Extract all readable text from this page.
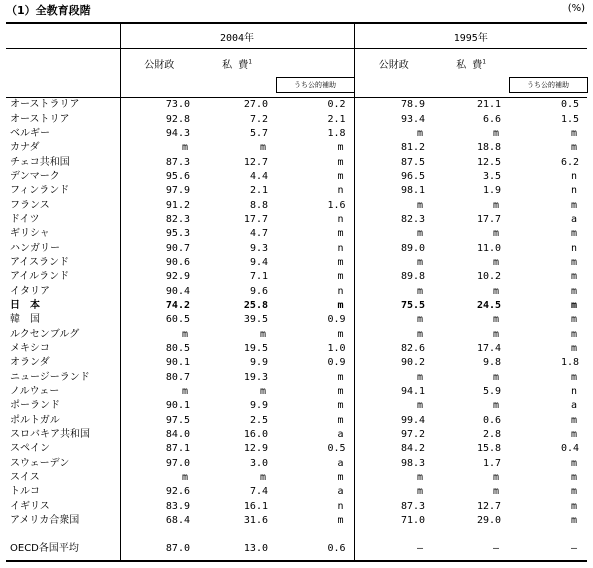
（1）全教育段階	(%)
	2004年			1995年		
	公財政	私 費$^1$		公財政	私 費$^1$	
			うち公的補助			うち公的補助

オーストラリア	73.0	27.0	0.2	78.9	21.1	0.5
オーストリア	92.8	7.2	2.1	93.4	6.6	1.5
ベルギー	94.3	5.7	1.8	m	m	m
カナダ	m	m	m	81.2	18.8	m
チェコ共和国	87.3	12.7	m	87.5	12.5	6.2
デンマーク	95.6	4.4	m	96.5	3.5	n
フィンランド	97.9	2.1	n	98.1	1.9	n
フランス	91.2	8.8	1.6	m	m	m
ドイツ	82.3	17.7	n	82.3	17.7	a
ギリシャ	95.3	4.7	m	m	m	m
ハンガリー	90.7	9.3	n	89.0	11.0	n
アイスランド	90.6	9.4	m	m	m	m
アイルランド	92.9	7.1	m	89.8	10.2	m
イタリア	90.4	9.6	n	m	m	m
日　本	74.2	25.8	m	75.5	24.5	m
韓　国	60.5	39.5	0.9	m	m	m
ルクセンブルグ	m	m	m	m	m	m
メキシコ	80.5	19.5	1.0	82.6	17.4	m
オランダ	90.1	9.9	0.9	90.2	9.8	1.8
ニュージーランド	80.7	19.3	m	m	m	m
ノルウェー	m	m	m	94.1	5.9	n
ポーランド	90.1	9.9	m	m	m	a
ポルトガル	97.5	2.5	m	99.4	0.6	m
スロバキア共和国	84.0	16.0	a	97.2	2.8	m
スペイン	87.1	12.9	0.5	84.2	15.8	0.4
スウェーデン	97.0	3.0	a	98.3	1.7	m
スイス	m	m	m	m	m	m
トルコ	92.6	7.4	a	m	m	m
イギリス	83.9	16.1	n	87.3	12.7	m
アメリカ合衆国	68.4	31.6	m	71.0	29.0	m

OECD各国平均	87.0	13.0	0.6	–	–	–
